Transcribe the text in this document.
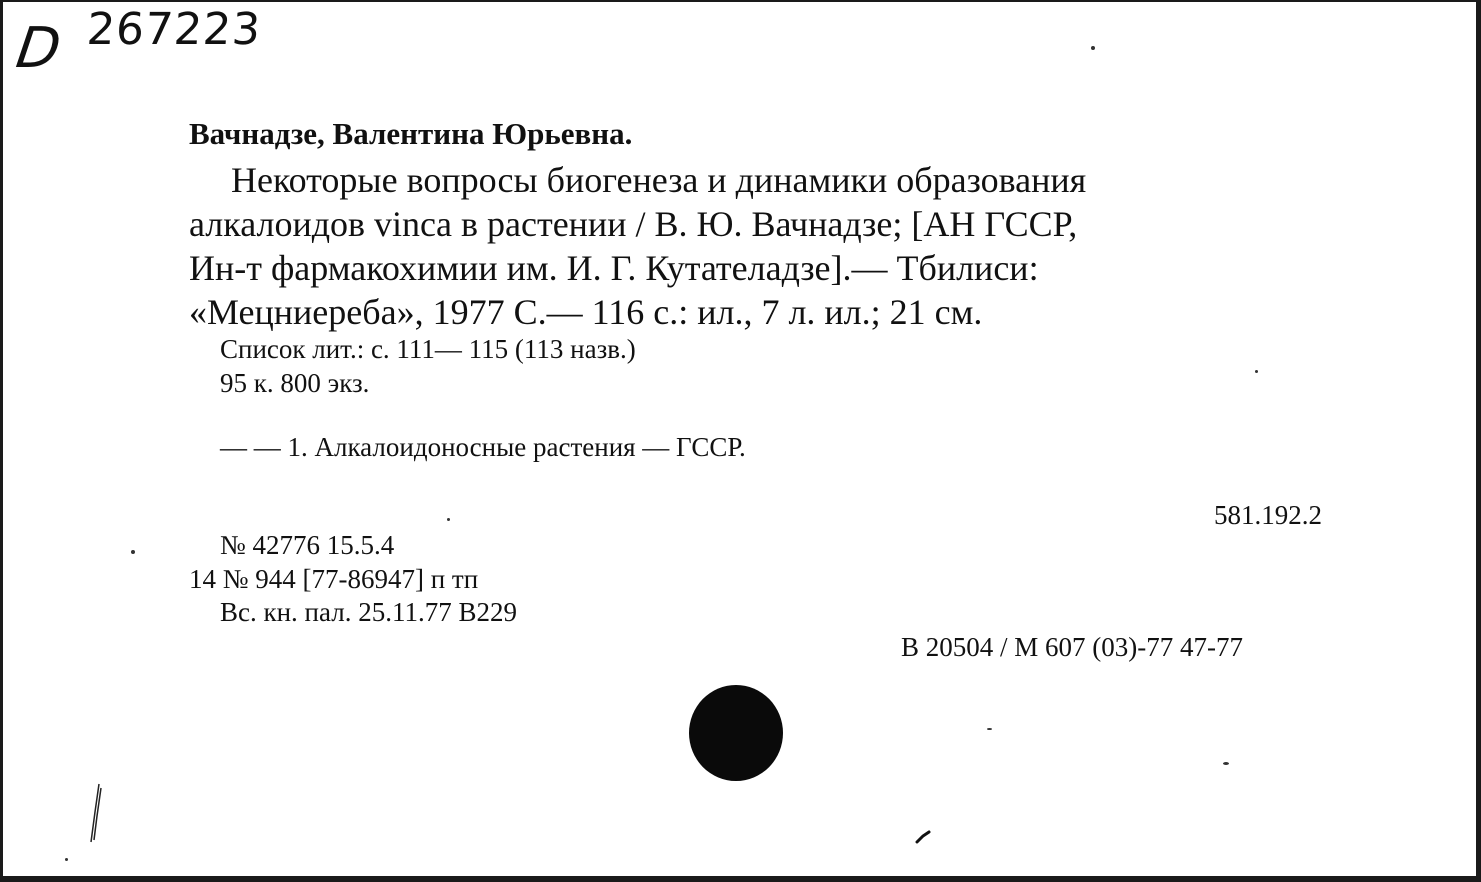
D 267223
Вачнадзе, Валентина Юрьевна.
Некоторые вопросы биогенеза и динамики образования
алкалоидов vinca в растении / В. Ю. Вачнадзе; [АН ГССР,
Ин-т фармакохимии им. И. Г. Кутателадзе].— Тбилиси:
«Мецниереба», 1977 С.— 116 с.: ил., 7 л. ил.; 21 см.
Список лит.: с. 111— 115 (113 назв.)
95 к. 800 экз.
— — 1. Алкалоидоносные растения — ГССР.
581.192.2
№ 42776 15.5.4
14 № 944 [77-86947] п тп
Вс. кн. пал. 25.11.77 В229
В 20504 / М 607 (03)-77 47-77
